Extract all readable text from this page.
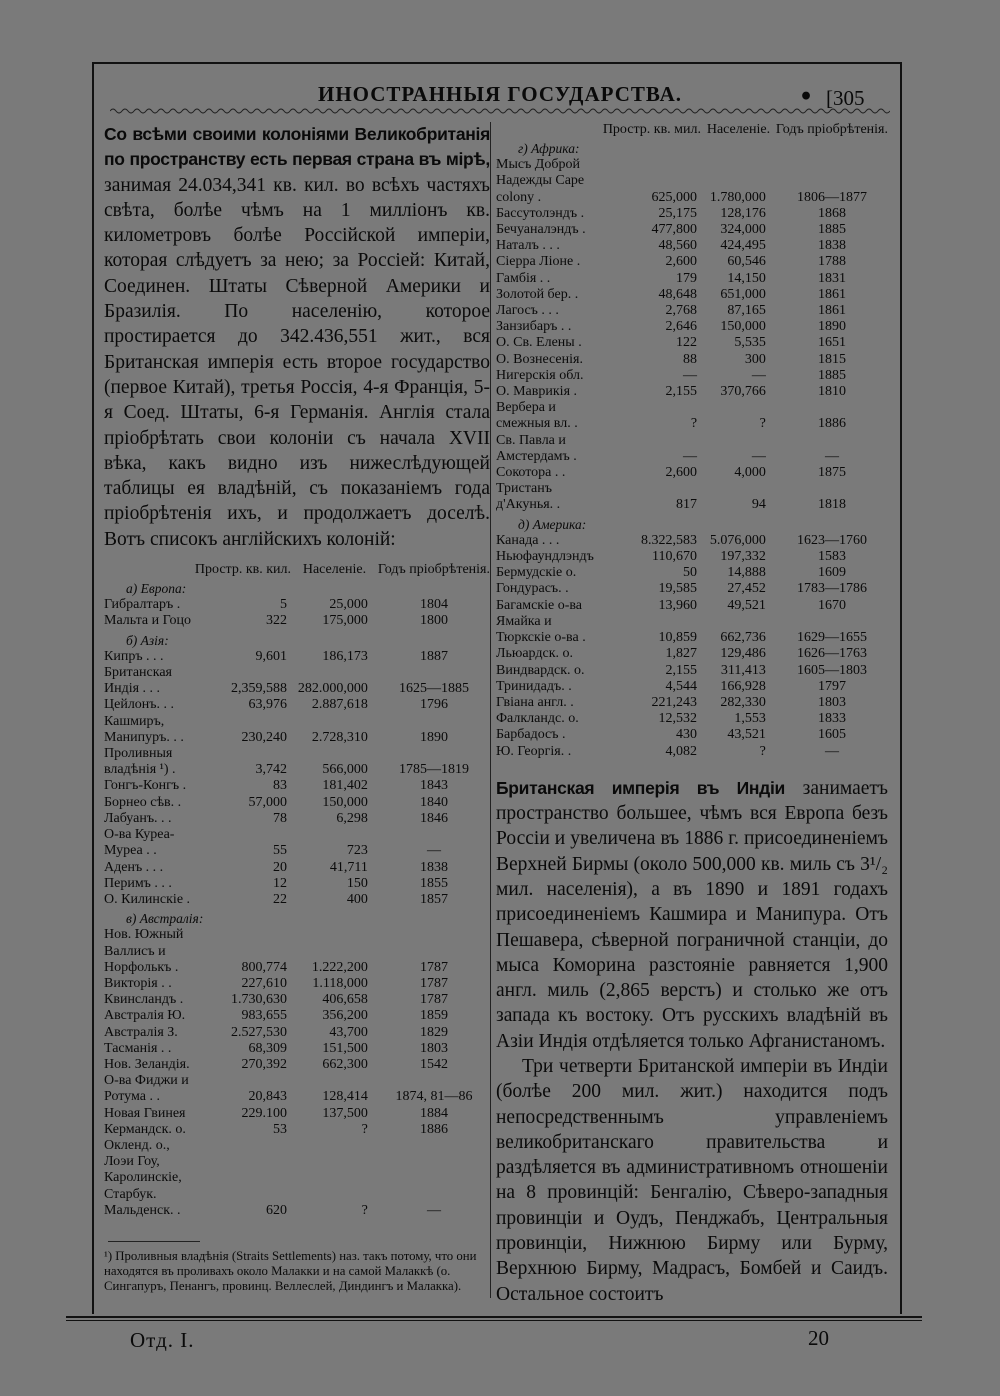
ИНОСТРАННЫЯ ГОСУДАРСТВА.	• [305

Со всѣми своими колоніями Великобританія по пространству есть первая страна въ мірѣ, занимая 24.034,341 кв. кил. во всѣхъ частяхъ свѣта, болѣе чѣмъ на 1 милліонъ кв. километровъ болѣе Россійской имперіи, которая слѣдуетъ за нею; за Россіей: Китай, Соединен. Штаты Сѣверной Америки и Бразилія. По населенію, которое простирается до 342.436,551 жит., вся Британская имперія есть второе государство (первое Китай), третья Россія, 4-я Франція, 5-я Соед. Штаты, 6-я Германія. Англія стала пріобрѣтать свои колоніи съ начала XVII вѣка, какъ видно изъ нижеслѣдующей таблицы ея владѣній, съ показаніемъ года пріобрѣтенія ихъ, и продолжаетъ доселѣ. Вотъ списокъ англійскихъ колоній:

	Простр. кв. кил.	Населеніе.	Годъ пріобрѣтенія.
а) Европа:			
Гибралтаръ .	5	25,000	1804
Мальта и Гоцо	322	175,000	1800
б) Азія:			
Кипръ . . .	9,601	186,173	1887
Британская Индія . . .	2,359,588	282.000,000	1625—1885
Цейлонъ. . .	63,976	2.887,618	1796
Кашмиръ, Манипуръ. . .	230,240	2.728,310	1890
Проливныя владѣнія ¹) .	3,742	566,000	1785—1819
Гонгъ-Конгъ .	83	181,402	1843
Борнео сѣв. .	57,000	150,000	1840
Лабуанъ. . .	78	6,298	1846
О-ва Куреа-Муреа . .	55	723	—
Аденъ . . .	20	41,711	1838
Перимъ . . .	12	150	1855
О. Килинскіе .	22	400	1857
в) Австралія:			
Нов. Южный Валлисъ и Норфолькъ .	800,774	1.222,200	1787
Викторія . .	227,610	1.118,000	1787
Квинсландъ .	1.730,630	406,658	1787
Австралія Ю.	983,655	356,200	1859
Австралія З.	2.527,530	43,700	1829
Тасманія . .	68,309	151,500	1803
Нов. Зеландія.	270,392	662,300	1542
О-ва Фиджи и Ротума . .	20,843	128,414	1874, 81—86
Новая Гвинея	229.100	137,500	1884
Кермандск. о.	53	?	1886
Окленд. о., Лоэи Гоу, Каролинскіе, Старбук. Мальденск. .	620	?	—

¹) Проливныя владѣнія (Straits Settlements) наз. такъ потому, что они находятся въ проливахъ около Малакки и на самой Малаккѣ (о. Сингапуръ, Пенангъ, провинц. Веллеслей, Диндингъ и Малакка).

	Простр. кв. мил.	Населеніе.	Годъ пріобрѣтенія.
г) Африка:			
Мысъ Доброй Надежды Саре colony .	625,000	1.780,000	1806—1877
Бассутолэндъ .	25,175	128,176	1868
Бечуаналэндъ .	477,800	324,000	1885
Наталъ . . .	48,560	424,495	1838
Сіерра Ліоне .	2,600	60,546	1788
Гамбія . .	179	14,150	1831
Золотой бер. .	48,648	651,000	1861
Лагосъ . . .	2,768	87,165	1861
Занзибаръ . .	2,646	150,000	1890
О. Св. Елены .	122	5,535	1651
О. Вознесенія.	88	300	1815
Нигерскія обл.	—	—	1885
О. Маврикія .	2,155	370,766	1810
Вербера и смежныя вл. .	?	?	1886
Св. Павла и Амстердамъ .	—	—	—
Сокотора . .	2,600	4,000	1875
Тристанъ д'Акунья. .	817	94	1818
д) Америка:			
Канада . . .	8.322,583	5.076,000	1623—1760
Ньюфаундлэндъ	110,670	197,332	1583
Бермудскіе о.	50	14,888	1609
Гондурасъ. .	19,585	27,452	1783—1786
Багамскіе о-ва	13,960	49,521	1670
Ямайка и Тюркскіе о-ва .	10,859	662,736	1629—1655
Льюардск. о.	1,827	129,486	1626—1763
Виндвардск. о.	2,155	311,413	1605—1803
Тринидадъ. .	4,544	166,928	1797
Гвіана англ. .	221,243	282,330	1803
Фалкландс. о.	12,532	1,553	1833
Барбадосъ .	430	43,521	1605
Ю. Георгія. .	4,082	?	—

Британская имперія въ Индіи занимаетъ пространство большее, чѣмъ вся Европа безъ Россіи и увеличена въ 1886 г. присоединеніемъ Верхней Бирмы (около 500,000 кв. миль съ 3¹/₂ мил. населенія), а въ 1890 и 1891 годахъ присоединеніемъ Кашмира и Манипура. Отъ Пешавера, сѣверной пограничной станціи, до мыса Коморина разстояніе равняется 1,900 англ. миль (2,865 верстъ) и столько же отъ запада къ востоку. Отъ русскихъ владѣній въ Азіи Индія отдѣляется только Афганистаномъ.

Три четверти Британской имперіи въ Индіи (болѣе 200 мил. жит.) находится подъ непосредственнымъ управленіемъ великобританскаго правительства и раздѣляется въ административномъ отношеніи на 8 провинцій: Бенгалію, Сѣверо-западныя провинціи и Оудъ, Пенджабъ, Центральныя провинціи, Нижнюю Бирму или Бурму, Верхнюю Бирму, Мадрасъ, Бомбей и Саидъ. Остальное состоитъ

Отд. I.	20
